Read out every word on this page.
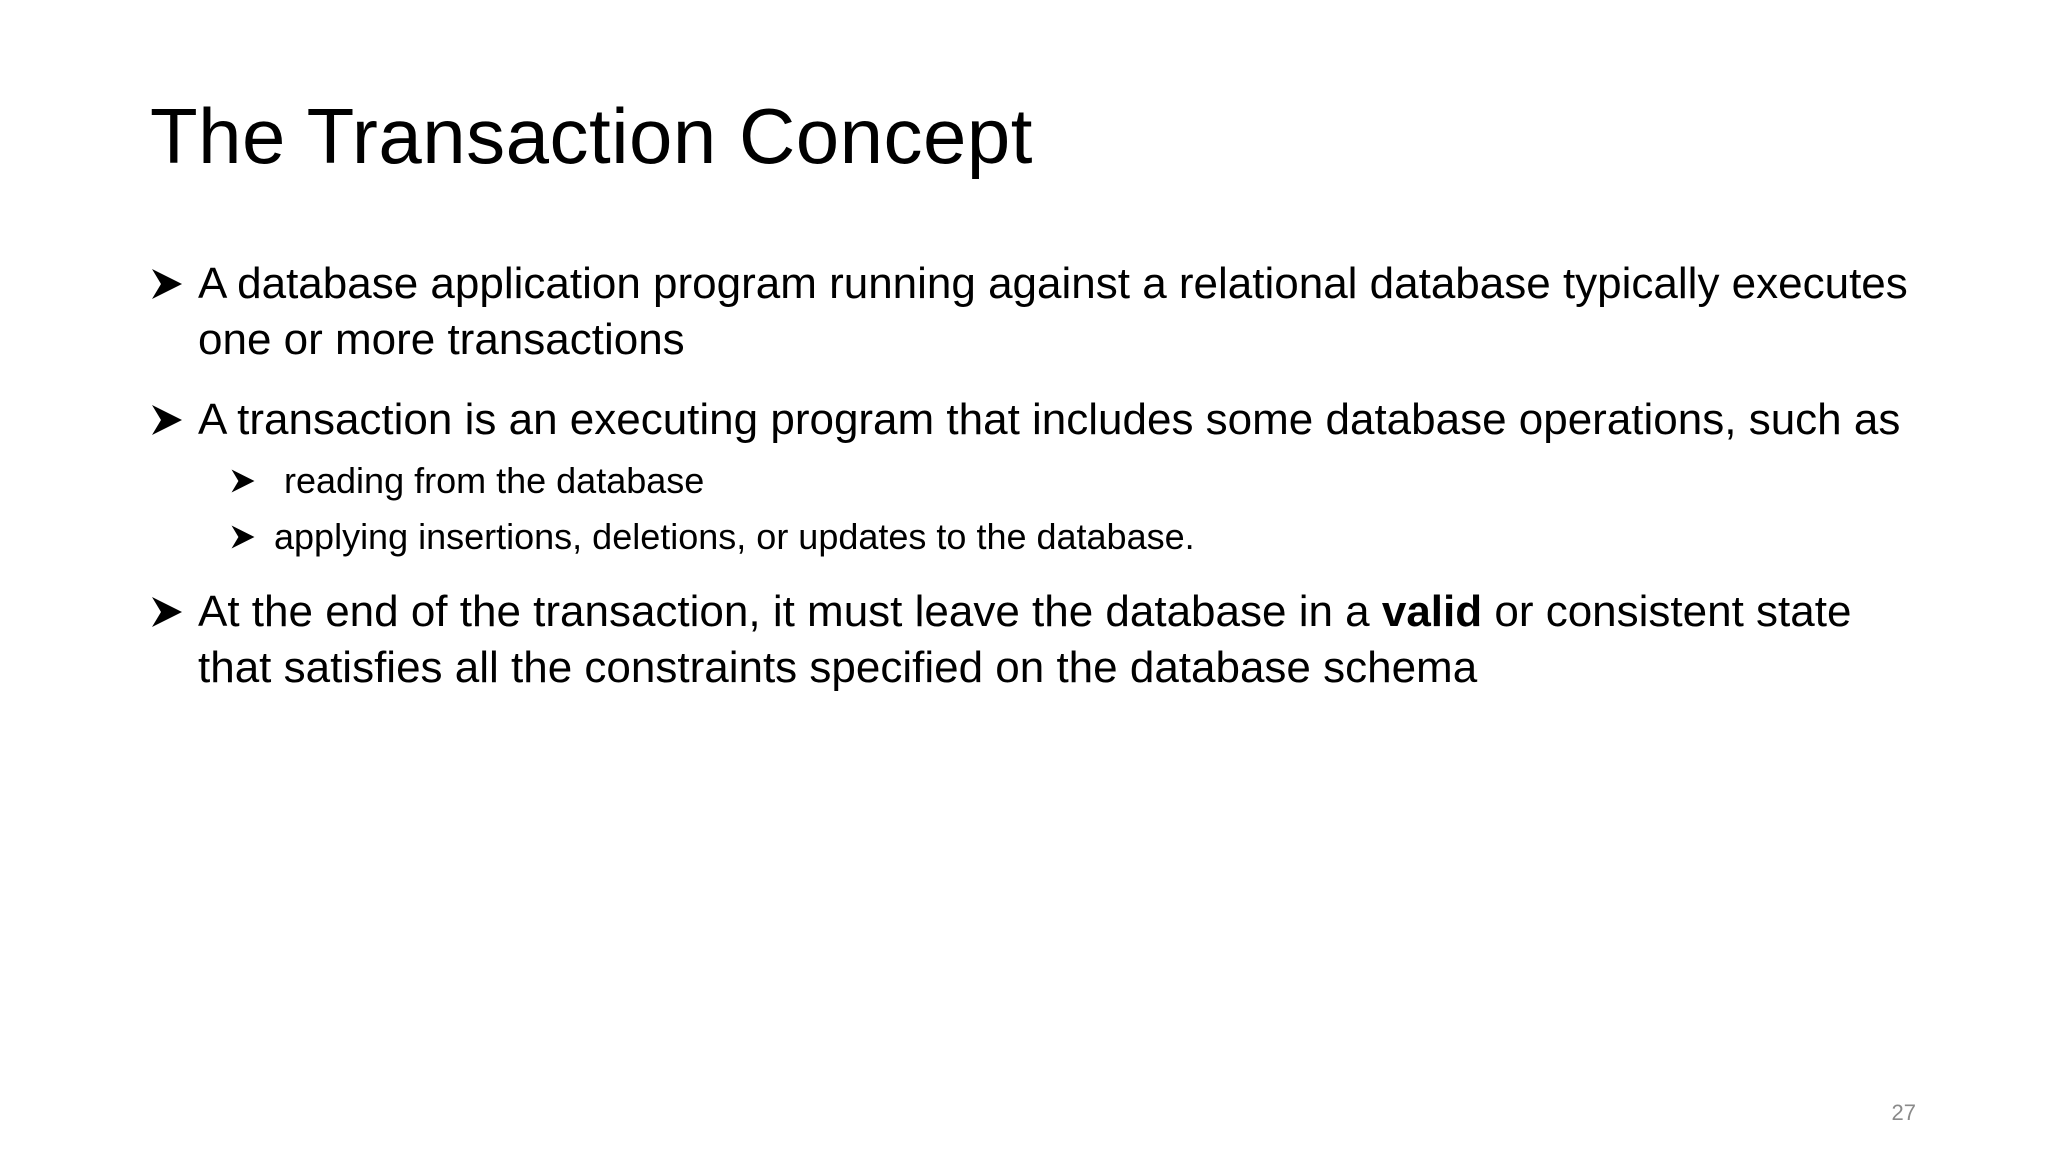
The Transaction Concept
A database application program running against a relational database typically executes one or more transactions
A transaction is an executing program that includes some database operations, such as
reading from the database
applying insertions, deletions, or updates to the database.
At the end of the transaction, it must leave the database in a valid or consistent state that satisfies all the constraints specified on the database schema
27
